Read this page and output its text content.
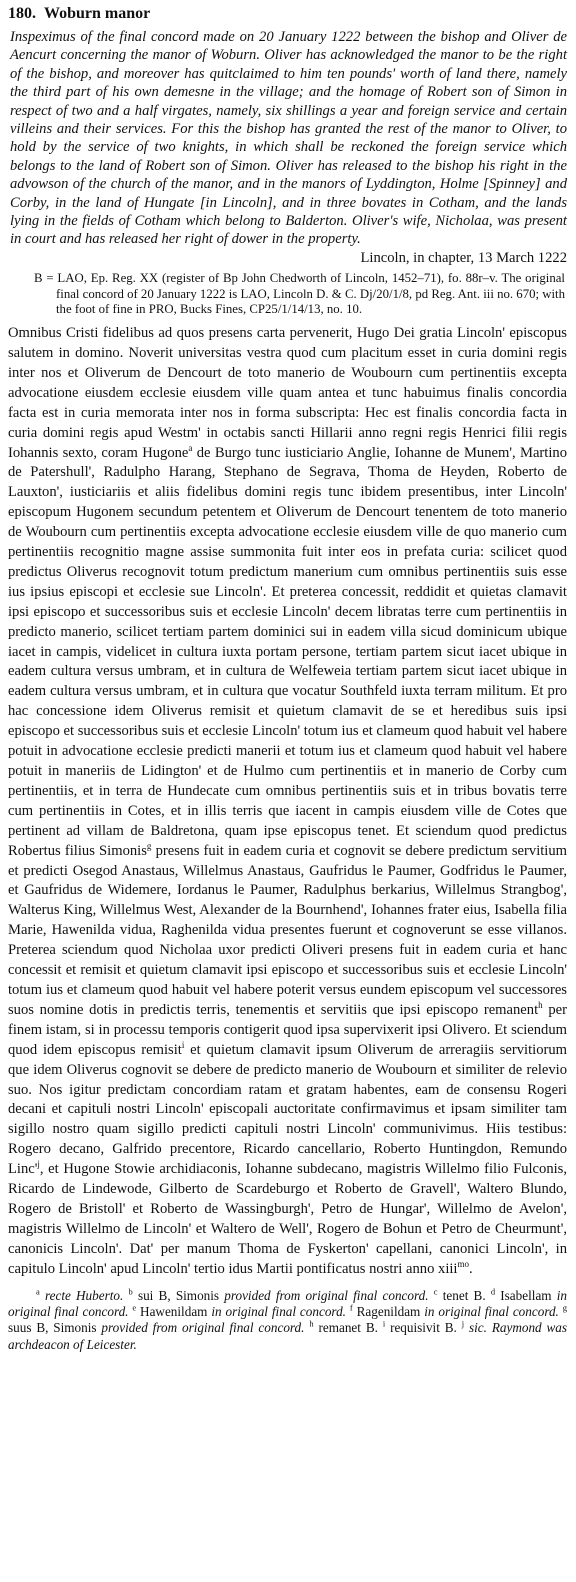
180. Woburn manor

Inspeximus of the final concord made on 20 January 1222 between the bishop and Oliver de Aencurt concerning the manor of Woburn. Oliver has acknowledged the manor to be the right of the bishop, and moreover has quitclaimed to him ten pounds' worth of land there, namely the third part of his own demesne in the village; and the homage of Robert son of Simon in respect of two and a half virgates, namely, six shillings a year and foreign service and certain villeins and their services. For this the bishop has granted the rest of the manor to Oliver, to hold by the service of two knights, in which shall be reckoned the foreign service which belongs to the land of Robert son of Simon. Oliver has released to the bishop his right in the advowson of the church of the manor, and in the manors of Lyddington, Holme [Spinney] and Corby, in the land of Hungate [in Lincoln], and in three bovates in Cotham, and the lands lying in the fields of Cotham which belong to Balderton. Oliver's wife, Nicholaa, was present in court and has released her right of dower in the property.

Lincoln, in chapter, 13 March 1222

B = LAO, Ep. Reg. XX (register of Bp John Chedworth of Lincoln, 1452–71), fo. 88r–v. The original final concord of 20 January 1222 is LAO, Lincoln D. & C. Dj/20/1/8, pd Reg. Ant. iii no. 670; with the foot of fine in PRO, Bucks Fines, CP25/1/14/13, no. 10.

Omnibus Cristi fidelibus ad quos presens carta pervenerit, Hugo Dei gratia Lincoln' episcopus salutem in domino. Noverit universitas vestra quod cum placitum esset in curia domini regis inter nos et Oliverum de Dencourt de toto manerio de Woubourn cum pertinentiis excepta advocatione eiusdem ecclesie eiusdem ville quam antea et tunc habuimus finalis concordia facta est in curia memorata inter nos in forma subscripta: Hec est finalis concordia facta in curia domini regis apud Westm' in octabis sancti Hillarii anno regni regis Henrici filii regis Iohannis sexto, coram Hugone$^a$ de Burgo tunc iusticiario Anglie, Iohanne de Munem', Martino de Patershull', Radulpho Harang, Stephano de Segrava, Thoma de Heyden, Roberto de Lauxton', iusticiariis et aliis fidelibus domini regis tunc ibidem presentibus, inter Lincoln' episcopum Hugonem secundum petentem et Oliverum de Dencourt tenentem de toto manerio de Woubourn cum pertinentiis excepta advocatione ecclesie eiusdem ville de quo manerio cum pertinentiis recognitio magne assise summonita fuit inter eos in prefata curia: scilicet quod predictus Oliverus recognovit totum predictum manerium cum omnibus pertinentiis suis esse ius ipsius episcopi et ecclesie sue Lincoln'. Et preterea concessit, reddidit et quietas clamavit ipsi episcopo et successoribus suis et ecclesie Lincoln' decem libratas terre cum pertinentiis in predicto manerio, scilicet tertiam partem dominici sui in eadem villa sicud dominicum ubique iacet in campis, videlicet in cultura iuxta portam persone, tertiam partem sicut iacet ubique in eadem cultura versus umbram, et in cultura de Welfeweia tertiam partem sicut iacet ubique in eadem cultura versus umbram, et in cultura que vocatur Southfeld iuxta terram militum. Et pro hac concessione idem Oliverus remisit et quietum clamavit de se et heredibus suis ipsi episcopo et successoribus suis et ecclesie Lincoln' totum ius et clameum quod habuit vel habere potuit in advocatione ecclesie predicti manerii et totum ius et clameum quod habuit vel habere potuit in maneriis de Lidington' et de Hulmo cum pertinentiis et in manerio de Corby cum pertinentiis, et in terra de Hundecate cum omnibus pertinentiis suis et in tribus bovatis terre cum pertinentiis in Cotes, et in illis terris que iacent in campis eiusdem ville de Cotes que pertinent ad villam de Baldretona, quam ipse episcopus tenet. Et sciendum quod predictus Robertus filius Simonis$^g$ presens fuit in eadem curia et cognovit se debere predictum servitium et predicti Osegod Anastaus, Willelmus Anastaus, Gaufridus le Paumer, Godfridus le Paumer, et Gaufridus de Widemere, Iordanus le Paumer, Radulphus berkarius, Willelmus Strangbog', Walterus King, Willelmus West, Alexander de la Bournhend', Iohannes frater eius, Isabella filia Marie, Hawenilda vidua, Raghenilda vidua presentes fuerunt et cognoverunt se esse villanos. Preterea sciendum quod Nicholaa uxor predicti Oliveri presens fuit in eadem curia et hanc concessit et remisit et quietum clamavit ipsi episcopo et successoribus suis et ecclesie Lincoln' totum ius et clameum quod habuit vel habere poterit versus eundem episcopum vel successores suos nomine dotis in predictis terris, tenementis et servitiis que ipsi episcopo remanent$^h$ per finem istam, si in processu temporis contigerit quod ipsa supervixerit ipsi Olivero. Et sciendum quod idem episcopus remisit$^i$ et quietum clamavit ipsum Oliverum de arreragiis servitiorum que idem Oliverus cognovit se debere de predicto manerio de Woubourn et similiter de relevio suo. Nos igitur predictam concordiam ratam et gratam habentes, eam de consensu Rogeri decani et capituli nostri Lincoln' episcopali auctoritate confirmavimus et ipsam similiter tam sigillo nostro quam sigillo predicti capituli nostri Lincoln' communivimus. Hiis testibus: Rogero decano, Galfrido precentore, Ricardo cancellario, Roberto Huntingdon, Remundo $Linc'^j$, et Hugone Stowie archidiaconis, Iohanne subdecano, magistris Willelmo filio Fulconis, Ricardo de Lindewode, Gilberto de Scardeburgo et Roberto de Gravell', Waltero Blundo, Rogero de Bristoll' et Roberto de Wassingburgh', Petro de Hungar', Willelmo de Avelon', magistris Willelmo de Lincoln' et Waltero de Well', Rogero de Bohun et Petro de Cheurmunt', canonicis Lincoln'. Dat' per manum Thoma de Fyskerton' capellani, canonici Lincoln', in capitulo Lincoln' apud Lincoln' tertio idus Martii pontificatus nostri anno xiii$^{mo}$.

$^a$ recte Huberto. $^b$ sui B, Simonis provided from original final concord. $^c$ tenet B. $^d$ Isabellam in original final concord. $^e$ Hawenildam in original final concord. $^f$ Ragenildam in original final concord. $^g$ suus B, Simonis provided from original final concord. $^h$ remanet B. $^i$ requisivit B. $^j$ sic. Raymond was archdeacon of Leicester.
